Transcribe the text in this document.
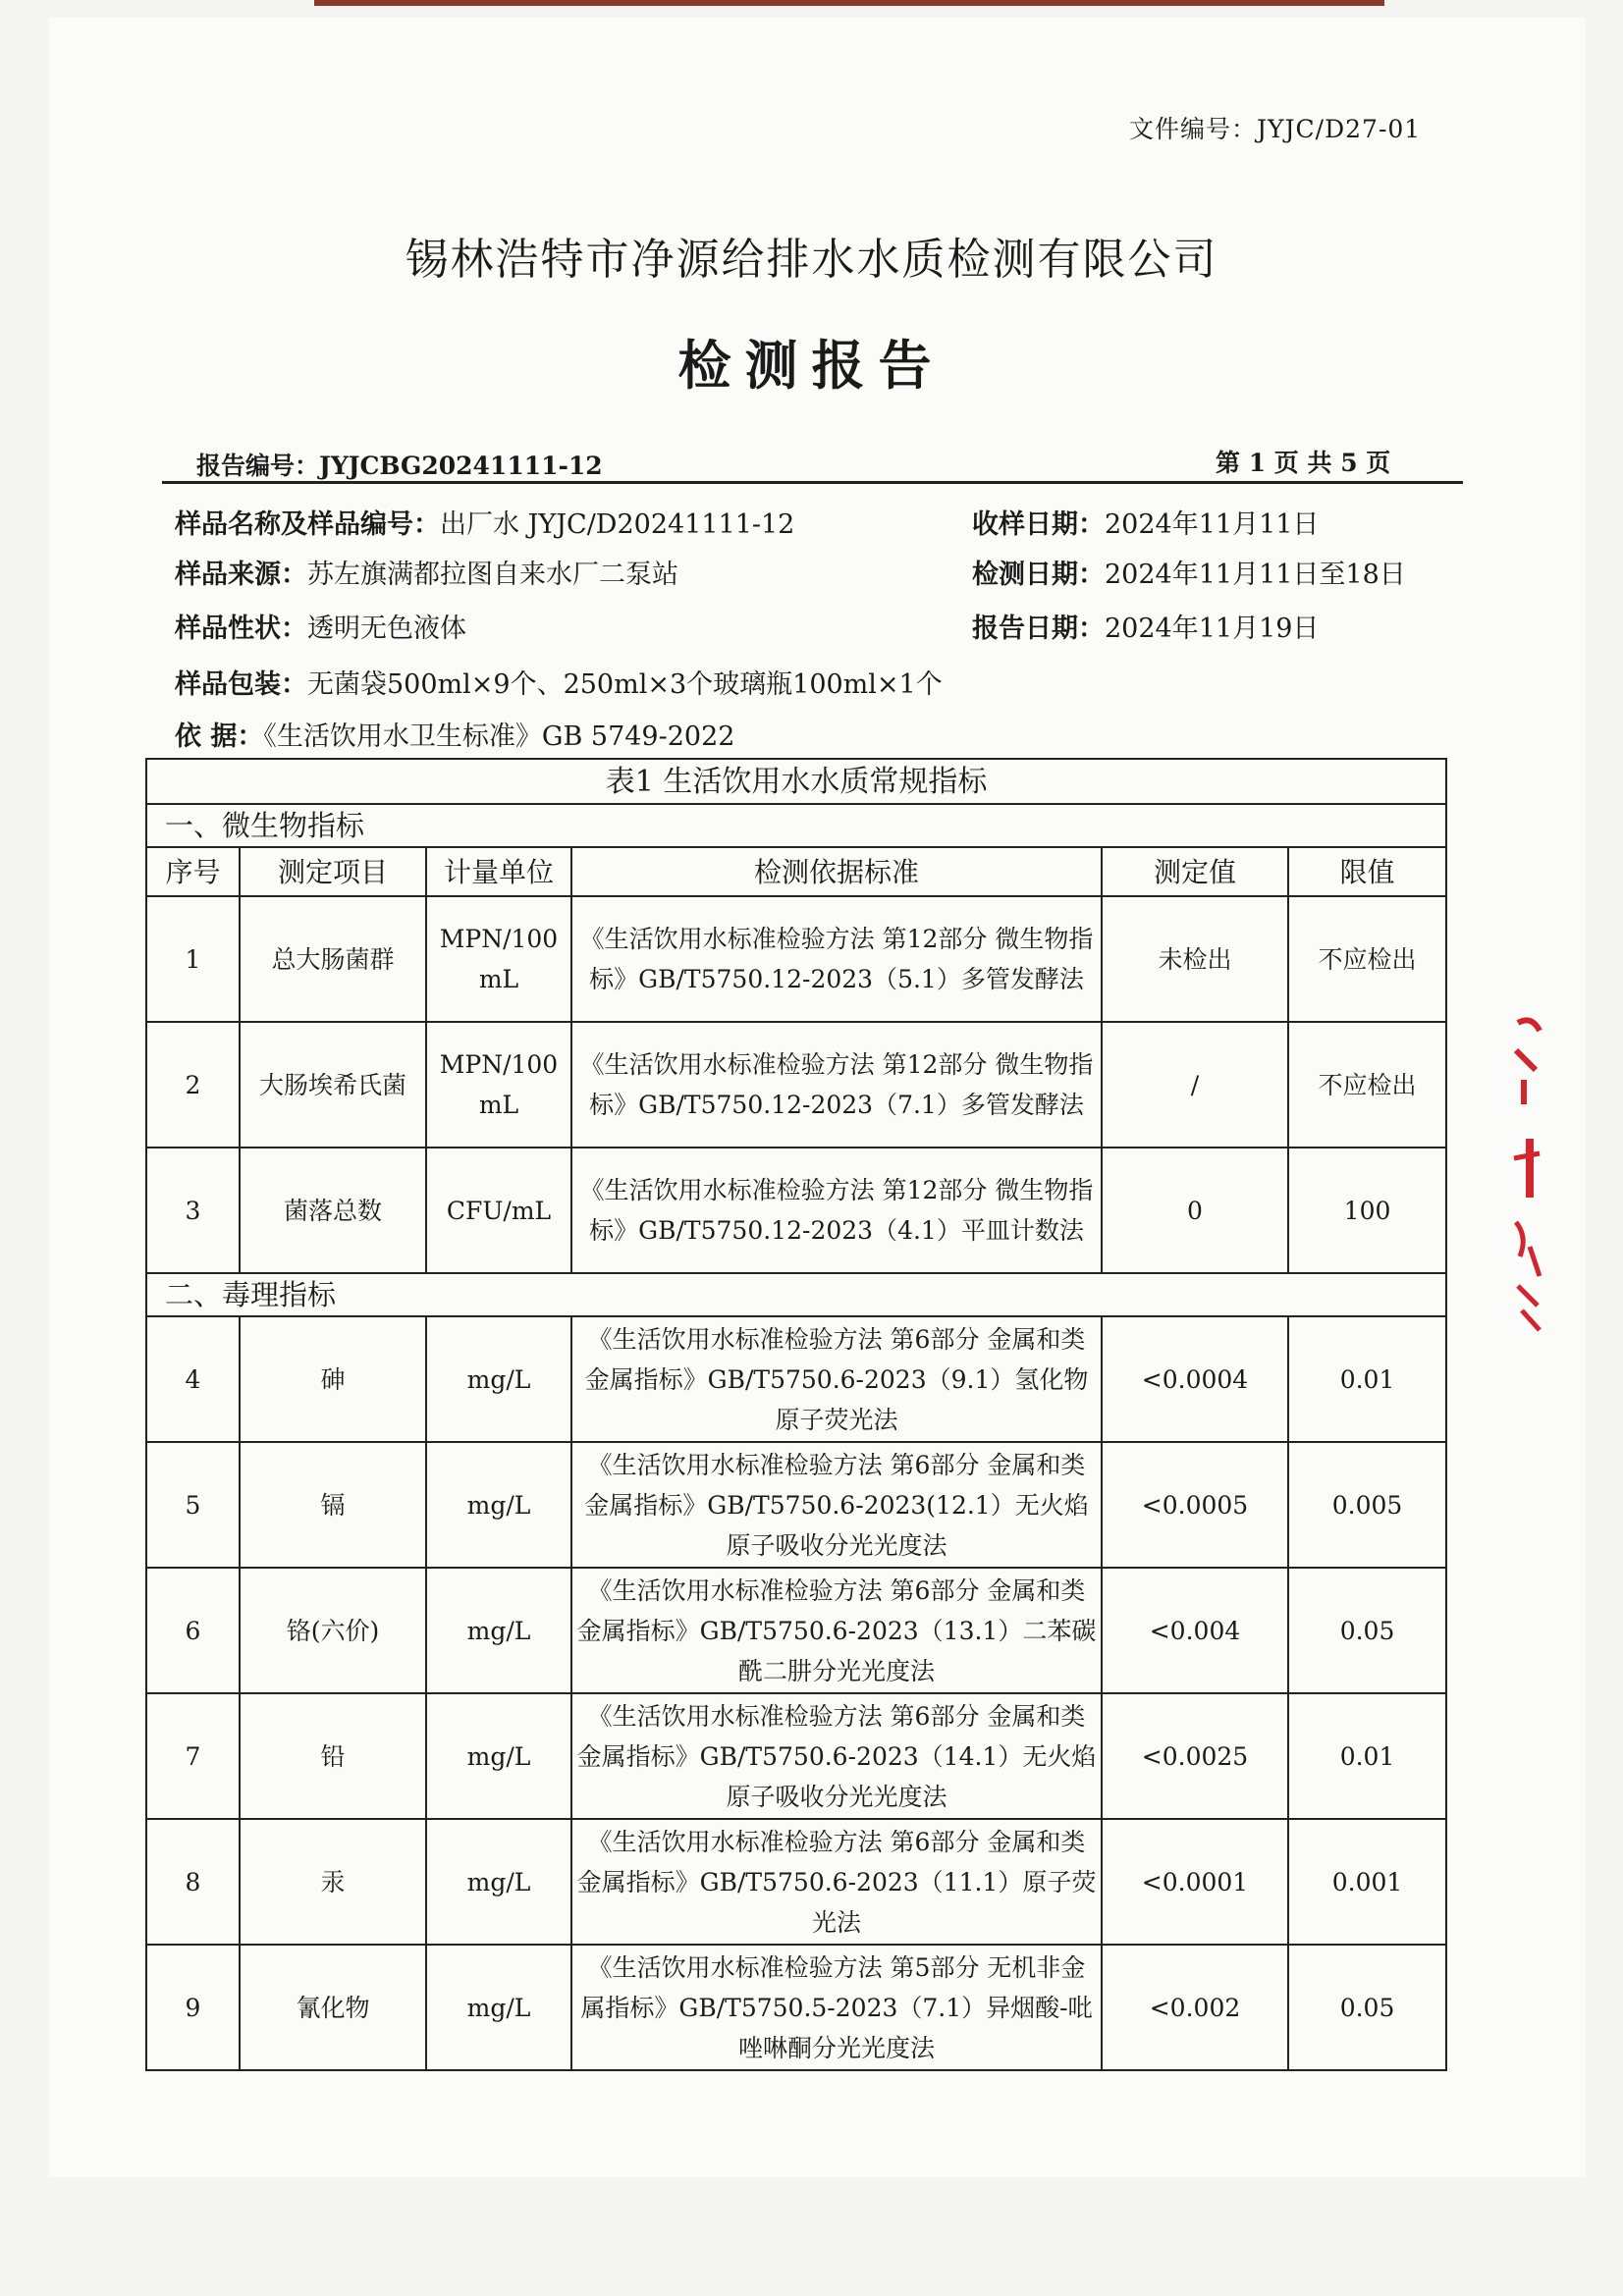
文件编号：JYJC/D27-01
锡林浩特市净源给排水水质检测有限公司
检测报告
报告编号：JYJCBG20241111-12	第 1 页 共 5 页
样品名称及样品编号：出厂水 JYJC/D20241111-12	收样日期：2024年11月11日
样品来源：苏左旗满都拉图自来水厂二泵站	检测日期：2024年11月11日至18日
样品性状：透明无色液体	报告日期：2024年11月19日
样品包装：无菌袋500ml×9个、250ml×3个玻璃瓶100ml×1个
依 据：《生活饮用水卫生标准》GB 5749-2022
表1 生活饮用水水质常规指标					
一、微生物指标					
序号	测定项目	计量单位	检测依据标准	测定值	限值
1	总大肠菌群	MPN/100mL	《生活饮用水标准检验方法 第12部分 微生物指标》GB/T5750.12-2023（5.1）多管发酵法	未检出	不应检出
2	大肠埃希氏菌	MPN/100mL	《生活饮用水标准检验方法 第12部分 微生物指标》GB/T5750.12-2023（7.1）多管发酵法	/	不应检出
3	菌落总数	CFU/mL	《生活饮用水标准检验方法 第12部分 微生物指标》GB/T5750.12-2023（4.1）平皿计数法	0	100
二、毒理指标					
4	砷	mg/L	《生活饮用水标准检验方法 第6部分 金属和类金属指标》GB/T5750.6-2023（9.1）氢化物原子荧光法	<0.0004	0.01
5	镉	mg/L	《生活饮用水标准检验方法 第6部分 金属和类金属指标》GB/T5750.6-2023(12.1）无火焰原子吸收分光光度法	<0.0005	0.005
6	铬(六价)	mg/L	《生活饮用水标准检验方法 第6部分 金属和类金属指标》GB/T5750.6-2023（13.1）二苯碳酰二肼分光光度法	<0.004	0.05
7	铅	mg/L	《生活饮用水标准检验方法 第6部分 金属和类金属指标》GB/T5750.6-2023（14.1）无火焰原子吸收分光光度法	<0.0025	0.01
8	汞	mg/L	《生活饮用水标准检验方法 第6部分 金属和类金属指标》GB/T5750.6-2023（11.1）原子荧光法	<0.0001	0.001
9	氰化物	mg/L	《生活饮用水标准检验方法 第5部分 无机非金属指标》GB/T5750.5-2023（7.1）异烟酸-吡唑啉酮分光光度法	<0.002	0.05
